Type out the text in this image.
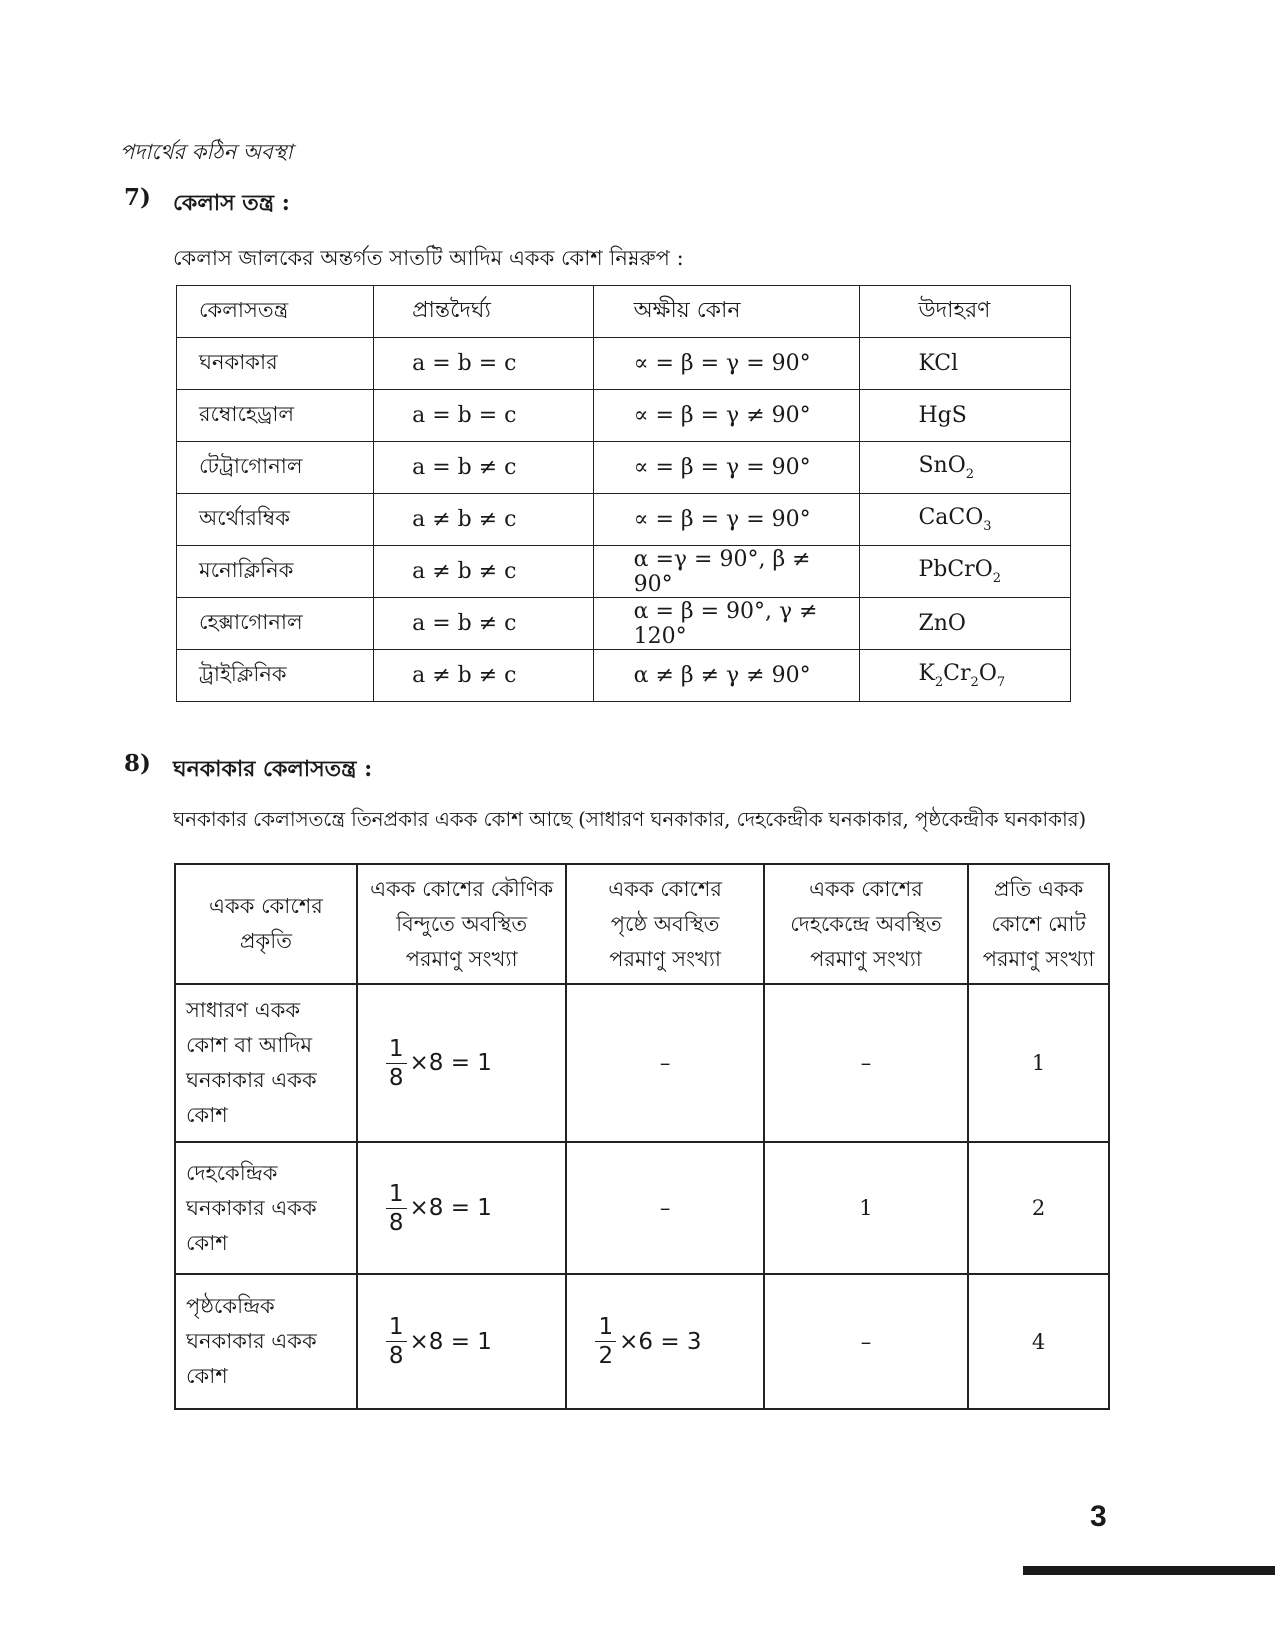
পদার্থের কঠিন অবস্থা
7) কেলাস তন্ত্র :
কেলাস জালকের অন্তর্গত সাতটি আদিম একক কোশ নিম্নরুপ :
কেলাসতন্ত্র	প্রান্তদৈর্ঘ্য	অক্ষীয় কোন	উদাহরণ
ঘনকাকার	a = b = c	∝ = β = γ = 90°	KCl
রম্বোহেড্রাল	a = b = c	∝ = β = γ ≠ 90°	HgS
টেট্রাগোনাল	a = b ≠ c	∝ = β = γ = 90°	SnO$_2$
অর্থোরম্বিক	a ≠ b ≠ c	∝ = β = γ = 90°	CaCO$_3$
মনোক্লিনিক	a ≠ b ≠ c	α =γ = 90°, β ≠ 90°	PbCrO$_2$
হেক্সাগোনাল	a = b ≠ c	α = β = 90°, γ ≠ 120°	ZnO
ট্রাইক্লিনিক	a ≠ b ≠ c	α ≠ β ≠ γ ≠ 90°	$K_2Cr_2O_7$
8) ঘনকাকার কেলাসতন্ত্র :
ঘনকাকার কেলাসতন্ত্রে তিনপ্রকার একক কোশ আছে (সাধারণ ঘনকাকার, দেহকেন্দ্রীক ঘনকাকার, পৃষ্ঠকেন্দ্রীক ঘনকাকার)
একক কোশের
প্রকৃতি	একক কোশের কৌণিক
বিন্দুতে অবস্থিত
পরমাণু সংখ্যা	একক কোশের
পৃষ্ঠে অবস্থিত
পরমাণু সংখ্যা	একক কোশের
দেহকেন্দ্রে অবস্থিত
পরমাণু সংখ্যা	প্রতি একক
কোশে মোট
পরমাণু সংখ্যা
সাধারণ একক
কোশ বা আদিম
ঘনকাকার একক
কোশ	$\frac{1}{8} \times 8 = 1$	–	–	1
দেহকেন্দ্রিক
ঘনকাকার একক
কোশ	$\frac{1}{8} \times 8 = 1$	–	1	2
পৃষ্ঠকেন্দ্রিক
ঘনকাকার একক
কোশ	$\frac{1}{8} \times 8 = 1$	$\frac{1}{2} \times 6 = 3$	–	4
3
